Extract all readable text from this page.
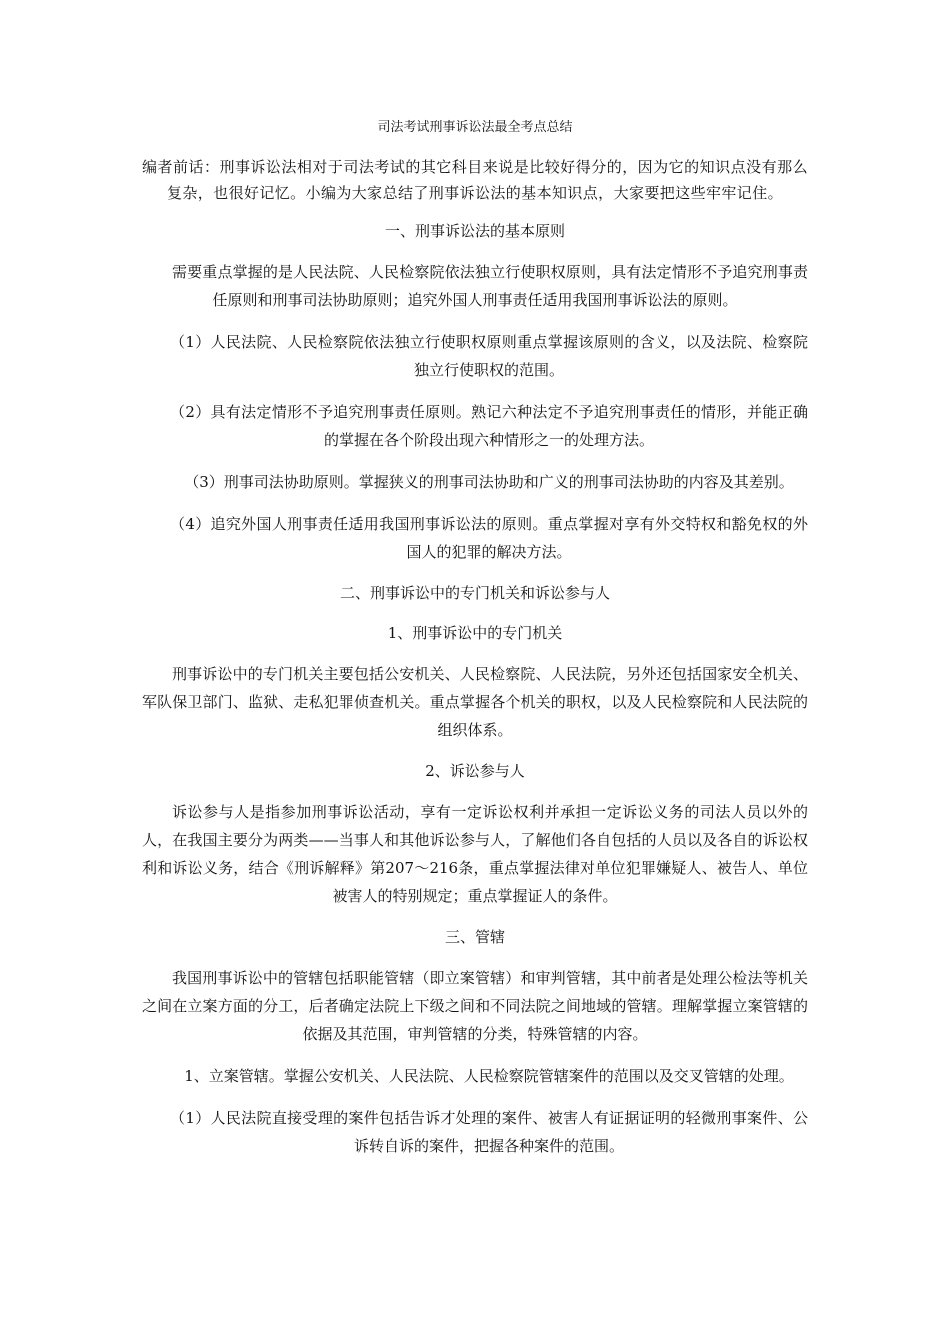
司法考试刑事诉讼法最全考点总结

编者前话：刑事诉讼法相对于司法考试的其它科目来说是比较好得分的，因为它的知识点没有那么复杂，也很好记忆。小编为大家总结了刑事诉讼法的基本知识点，大家要把这些牢牢记住。

一、刑事诉讼法的基本原则

需要重点掌握的是人民法院、人民检察院依法独立行使职权原则，具有法定情形不予追究刑事责任原则和刑事司法协助原则；追究外国人刑事责任适用我国刑事诉讼法的原则。

（1）人民法院、人民检察院依法独立行使职权原则重点掌握该原则的含义，以及法院、检察院独立行使职权的范围。

（2）具有法定情形不予追究刑事责任原则。熟记六种法定不予追究刑事责任的情形，并能正确的掌握在各个阶段出现六种情形之一的处理方法。

（3）刑事司法协助原则。掌握狭义的刑事司法协助和广义的刑事司法协助的内容及其差别。

（4）追究外国人刑事责任适用我国刑事诉讼法的原则。重点掌握对享有外交特权和豁免权的外国人的犯罪的解决方法。

二、刑事诉讼中的专门机关和诉讼参与人

1、刑事诉讼中的专门机关

刑事诉讼中的专门机关主要包括公安机关、人民检察院、人民法院，另外还包括国家安全机关、军队保卫部门、监狱、走私犯罪侦查机关。重点掌握各个机关的职权，以及人民检察院和人民法院的组织体系。

2、诉讼参与人

诉讼参与人是指参加刑事诉讼活动，享有一定诉讼权利并承担一定诉讼义务的司法人员以外的人，在我国主要分为两类——当事人和其他诉讼参与人，了解他们各自包括的人员以及各自的诉讼权利和诉讼义务，结合《刑诉解释》第207～216条，重点掌握法律对单位犯罪嫌疑人、被告人、单位被害人的特别规定；重点掌握证人的条件。

三、管辖

我国刑事诉讼中的管辖包括职能管辖（即立案管辖）和审判管辖，其中前者是处理公检法等机关之间在立案方面的分工，后者确定法院上下级之间和不同法院之间地域的管辖。理解掌握立案管辖的依据及其范围，审判管辖的分类，特殊管辖的内容。

1、立案管辖。掌握公安机关、人民法院、人民检察院管辖案件的范围以及交叉管辖的处理。

（1）人民法院直接受理的案件包括告诉才处理的案件、被害人有证据证明的轻微刑事案件、公诉转自诉的案件，把握各种案件的范围。
